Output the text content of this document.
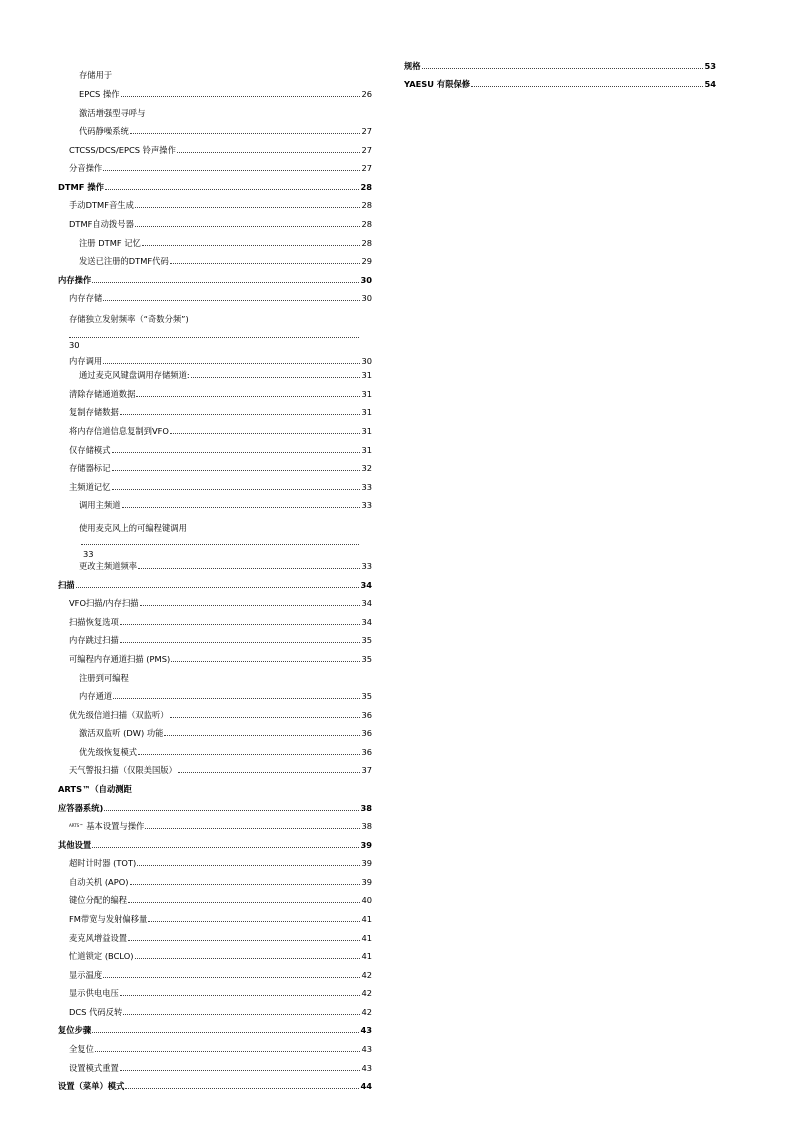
存储独立发射频率（“奇数分频”)
30
内存调用	30
使用麦克风上的可编程键调用
33
存储用于
EPCS 操作	26
激活增强型寻呼与
代码静噪系统	27
CTCSS/DCS/EPCS 铃声操作	27
分音操作	27
DTMF 操作	28
手动DTMF音生成	28
DTMF自动拨号器	28
注册 DTMF 记忆	28
发送已注册的DTMF代码	29
内存操作	30
内存存储	30
通过麦克风键盘调用存储频道:	31
清除存储通道数据	31
复制存储数据	31
将内存信道信息复制到VFO	31
仅存储模式	31
存储器标记	32
主频道记忆	33
调用主频道	33
更改主频道频率	33
扫描	34
VFO扫描/内存扫描	34
扫描恢复选项	34
内存跳过扫描	35
可编程内存通道扫描 (PMS)	35
注册到可编程
内存通道	35
优先级信道扫描（双监听）	36
激活双监听 (DW) 功能	36
优先级恢复模式	36
天气警报扫描（仅限美国版）	37
ARTS™（自动测距
应答器系统)	38
ARTS™ 基本设置与操作	38
其他设置	39
超时计时器 (TOT)	39
自动关机 (APO)	39
键位分配的编程	40
FM带宽与发射偏移量	41
麦克风增益设置	41
忙道锁定 (BCLO)	41
显示温度	42
显示供电电压	42
DCS 代码反转	42
复位步骤	43
全复位	43
设置模式重置	43
设置（菜单）模式	44
规格	53
YAESU 有限保修	54
